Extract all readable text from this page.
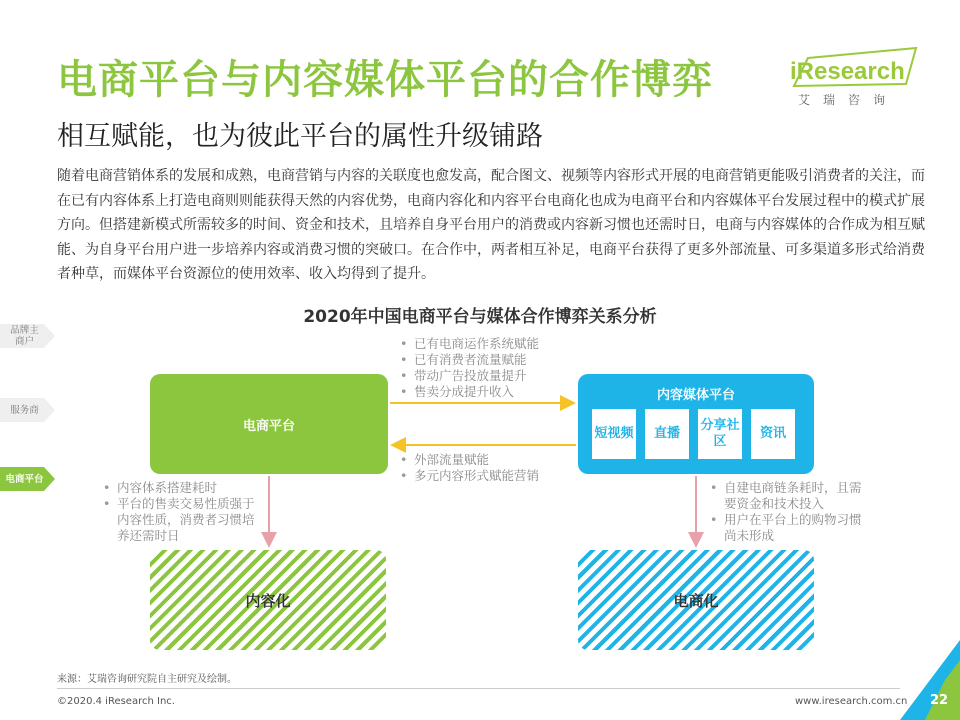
电商平台与内容媒体平台的合作博弈
相互赋能，也为彼此平台的属性升级铺路
iResearch
艾瑞咨询
随着电商营销体系的发展和成熟，电商营销与内容的关联度也愈发高，配合图文、视频等内容形式开展的电商营销更能吸引消费者的关注，而在已有内容体系上打造电商则则能获得天然的内容优势，电商内容化和内容平台电商化也成为电商平台和内容媒体平台发展过程中的模式扩展方向。但搭建新模式所需较多的时间、资金和技术，且培养自身平台用户的消费或内容新习惯也还需时日，电商与内容媒体的合作成为相互赋能、为自身平台用户进一步培养内容或消费习惯的突破口。在合作中，两者相互补足，电商平台获得了更多外部流量、可多渠道多形式给消费者种草，而媒体平台资源位的使用效率、收入均得到了提升。
2020年中国电商平台与媒体合作博弈关系分析
品牌主商户
服务商
电商平台
• 已有电商运作系统赋能
• 已有消费者流量赋能
• 带动广告投放量提升
• 售卖分成提升收入
• 外部流量赋能
• 多元内容形式赋能营销
• 内容体系搭建耗时
• 平台的售卖交易性质强于内容性质，消费者习惯培养还需时日
• 自建电商链条耗时，且需要资金和技术投入
• 用户在平台上的购物习惯尚未形成
电商平台
内容媒体平台
短视频	直播
分享社区
资讯
内容化	电商化
来源：艾瑞咨询研究院自主研究及绘制。
©2020.4 iResearch Inc.	www.iresearch.com.cn 22
